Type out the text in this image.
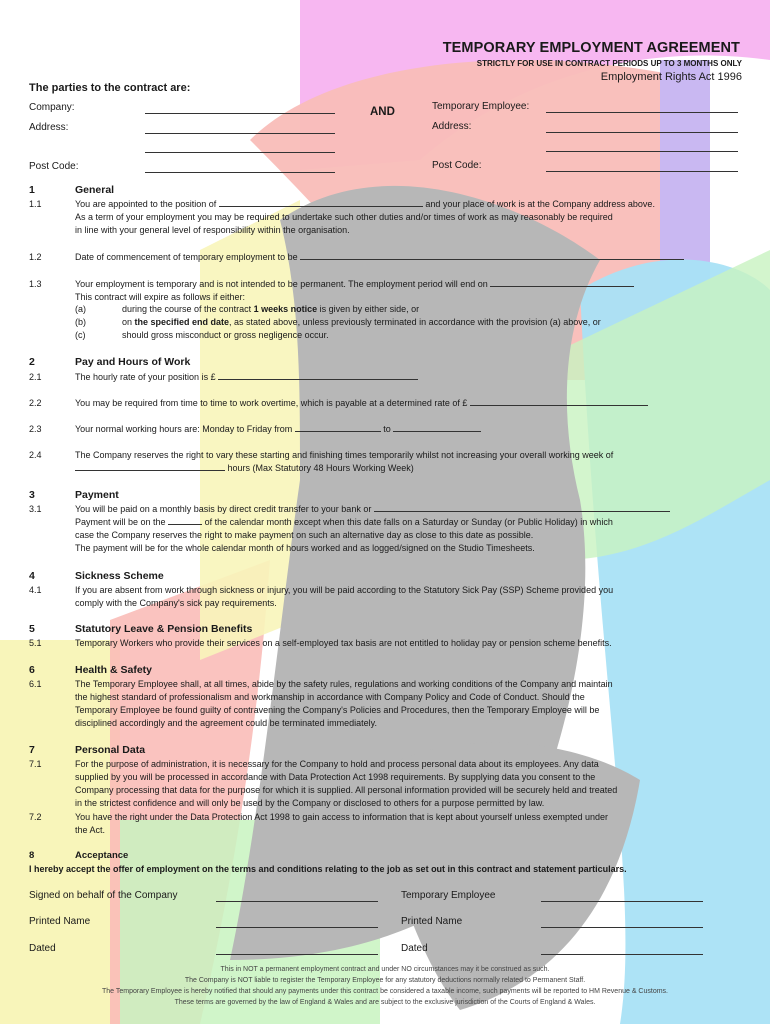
TEMPORARY EMPLOYMENT AGREEMENT
STRICTLY FOR USE IN CONTRACT PERIODS UP TO 3 MONTHS ONLY
Employment Rights Act 1996
The parties to the contract are:
Company:
Address:
Post Code:
AND	Temporary Employee:
Address:
Post Code:
1	General
1.1	You are appointed to the position of	and your place of work is at the Company address above.
As a term of your employment you may be required to undertake such other duties and/or times of work as may reasonably be required
in line with your general level of responsibility within the organisation.
1.2	Date of commencement of temporary employment to be
1.3	Your employment is temporary and is not intended to be permanent. The employment period will end on
This contract will expire as follows if either:
(a)	during the course of the contract 1 weeks notice is given by either side, or
(b)	on the specified end date, as stated above, unless previously terminated in accordance with the provision (a) above, or
(c)	should gross misconduct or gross negligence occur.
2	Pay and Hours of Work
2.1	The hourly rate of your position is £
2.2	You may be required from time to time to work overtime, which is payable at a determined rate of £
2.3	Your normal working hours are: Monday to Friday from	to
2.4	The Company reserves the right to vary these starting and finishing times temporarily whilst not increasing your overall working week of
hours (Max Statutory 48 Hours Working Week)
3	Payment
3.1	You will be paid on a monthly basis by direct credit transfer to your bank or
Payment will be on the	of the calendar month except when this date falls on a Saturday or Sunday (or Public Holiday) in which
case the Company reserves the right to make payment on such an alternative day as close to this date as possible.
The payment will be for the whole calendar month of hours worked and as logged/signed on the Studio Timesheets.
4	Sickness Scheme
4.1	If you are absent from work through sickness or injury, you will be paid according to the Statutory Sick Pay (SSP) Scheme provided you
comply with the Company's sick pay requirements.
5	Statutory Leave & Pension Benefits
5.1	Temporary Workers who provide their services on a self-employed tax basis are not entitled to holiday pay or pension scheme benefits.
6	Health & Safety
6.1	The Temporary Employee shall, at all times, abide by the safety rules, regulations and working conditions of the Company and maintain
the highest standard of professionalism and workmanship in accordance with Company Policy and Code of Conduct. Should the
Temporary Employee be found guilty of contravening the Company's Policies and Procedures, then the Temporary Employee will be
disciplined accordingly and the agreement could be terminated immediately.
7	Personal Data
7.1	For the purpose of administration, it is necessary for the Company to hold and process personal data about its employees. Any data
supplied by you will be processed in accordance with Data Protection Act 1998 requirements. By supplying data you consent to the
Company processing that data for the purpose for which it is supplied. All personal information provided will be securely held and treated
in the strictest confidence and will only be used by the Company or disclosed to others for a purpose permitted by law.
7.2	You have the right under the Data Protection Act 1998 to gain access to information that is kept about yourself unless exempted under
the Act.
8	Acceptance
I hereby accept the offer of employment on the terms and conditions relating to the job as set out in this contract and statement particulars.
Signed on behalf of the Company
Printed Name
Dated
Temporary Employee
Printed Name
Dated
This in NOT a permanent employment contract and under NO circumstances may it be construed as such.
The Company is NOT liable to register the Temporary Employee for any statutory deductions normally related to Permanent Staff.
The Temporary Employee is hereby notified that should any payments under this contract be considered a taxable income, such payments will be reported to HM Revenue & Customs.
These terms are governed by the law of England & Wales and are subject to the exclusive jurisdiction of the Courts of England & Wales.
